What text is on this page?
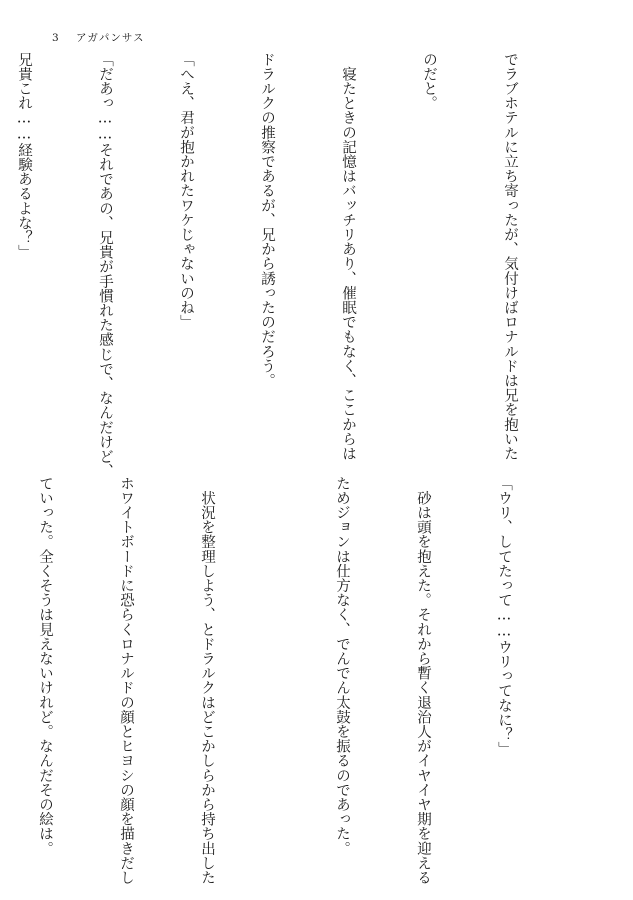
3 アガパンサス

でラブホテルに立ち寄ったが、気付けばロナルドは兄を抱いた

のだと。

　寝たときの記憶はバッチリあり、催眠でもなく、ここからは

ドラルクの推察であるが、兄から誘ったのだろう。

「へえ、君が抱かれたワケじゃないのね」

「だあっ……それであの、兄貴が手慣れた感じで、なんだけど、

兄貴これ……経験あるよな？」

「ウリ、してたって……ウリってなに？」

　砂は頭を抱えた。それから暫く退治人がイヤイヤ期を迎える

ためジョンは仕方なく、でんでん太鼓を振るのであった。

　状況を整理しよう、とドラルクはどこかしらから持ち出した

ホワイトボードに恐らくロナルドの顔とヒヨシの顔を描きだし

ていった。全くそうは見えないけれど。なんだその絵は。
